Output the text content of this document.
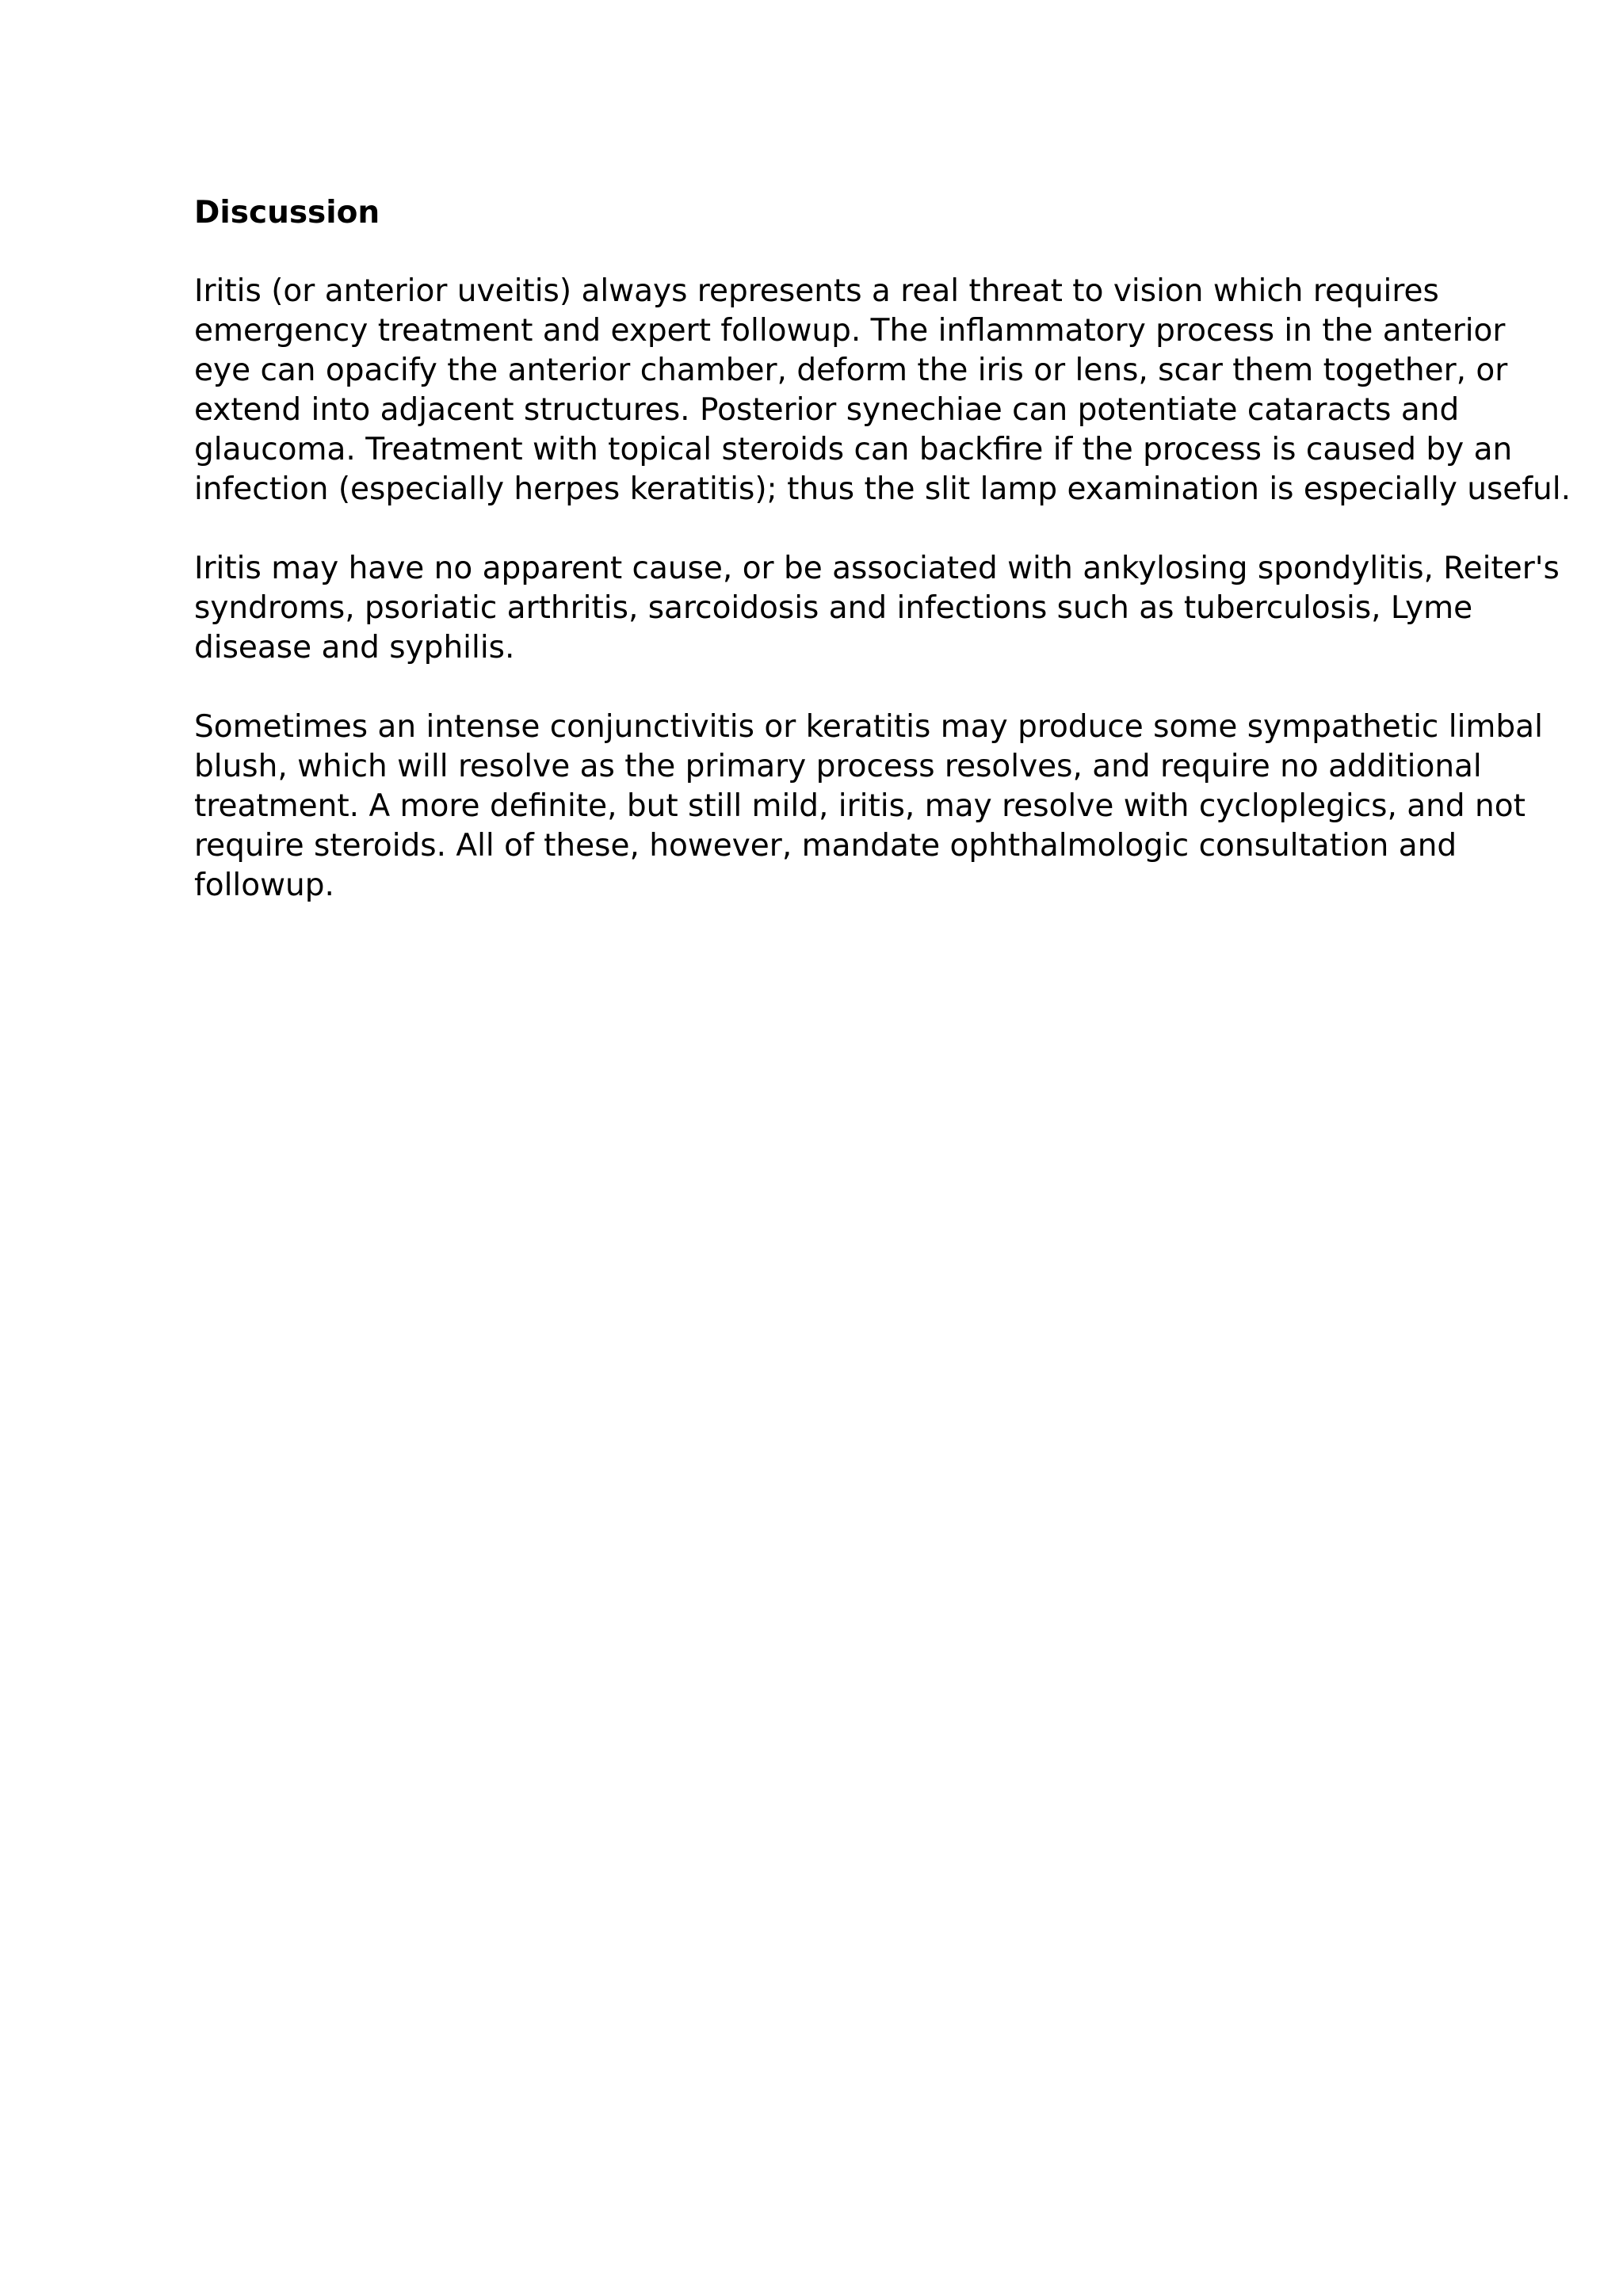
Discussion
Iritis (or anterior uveitis) always represents a real threat to vision which requires
emergency treatment and expert followup. The inflammatory process in the anterior
eye can opacify the anterior chamber, deform the iris or lens, scar them together, or
extend into adjacent structures. Posterior synechiae can potentiate cataracts and
glaucoma. Treatment with topical steroids can backfire if the process is caused by an
infection (especially herpes keratitis); thus the slit lamp examination is especially useful.
Iritis may have no apparent cause, or be associated with ankylosing spondylitis, Reiter's
syndroms, psoriatic arthritis, sarcoidosis and infections such as tuberculosis, Lyme
disease and syphilis.
Sometimes an intense conjunctivitis or keratitis may produce some sympathetic limbal
blush, which will resolve as the primary process resolves, and require no additional
treatment. A more definite, but still mild, iritis, may resolve with cycloplegics, and not
require steroids. All of these, however, mandate ophthalmologic consultation and
followup.
